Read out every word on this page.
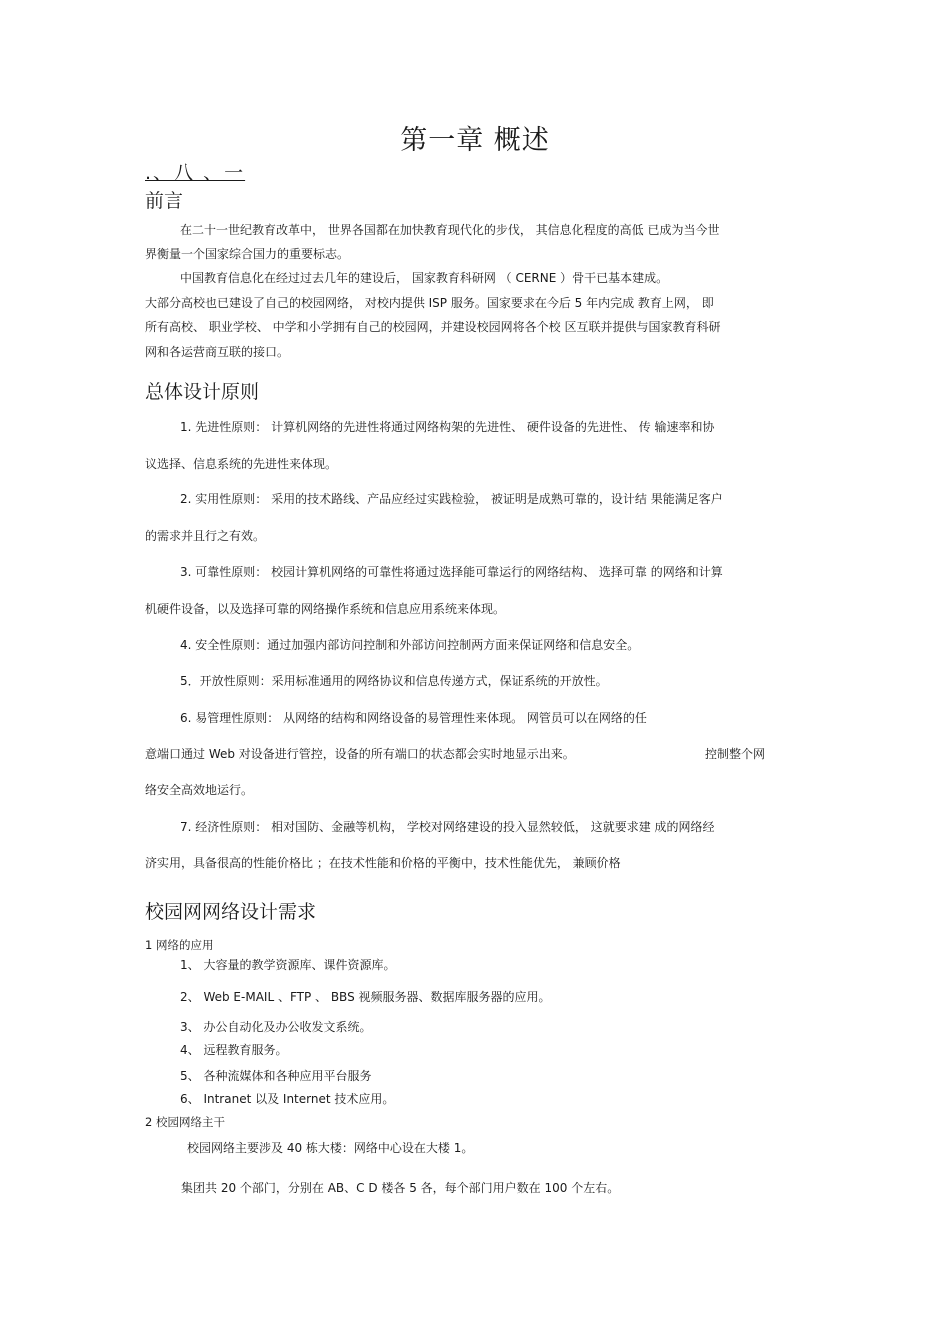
第一章 概述
.、八 、一
前言
在二十一世纪教育改革中， 世界各国都在加快教育现代化的步伐， 其信息化程度的高低 已成为当今世
界衡量一个国家综合国力的重要标志。
中国教育信息化在经过过去几年的建设后， 国家教育科研网 （ CERNE ）骨干已基本建成。
大部分高校也已建设了自己的校园网络， 对校内提供 ISP 服务。国家要求在今后 5 年内完成 教育上网， 即
所有高校、 职业学校、 中学和小学拥有自己的校园网，并建设校园网将各个校 区互联并提供与国家教育科研
网和各运营商互联的接口。
总体设计原则
1. 先进性原则： 计算机网络的先进性将通过网络构架的先进性、 硬件设备的先进性、 传 输速率和协
议选择、信息系统的先进性来体现。
2. 实用性原则： 采用的技术路线、产品应经过实践检验， 被证明是成熟可靠的，设计结 果能满足客户
的需求并且行之有效。
3. 可靠性原则： 校园计算机网络的可靠性将通过选择能可靠运行的网络结构、 选择可靠 的网络和计算
机硬件设备，以及选择可靠的网络操作系统和信息应用系统来体现。
4. 安全性原则：通过加强内部访问控制和外部访问控制两方面来保证网络和信息安全。
5．开放性原则：采用标准通用的网络协议和信息传递方式，保证系统的开放性。
6. 易管理性原则： 从网络的结构和网络设备的易管理性来体现。 网管员可以在网络的任
意端口通过 Web 对设备进行管控，设备的所有端口的状态都会实时地显示出来。	控制整个网
络安全高效地运行。
7. 经济性原则： 相对国防、金融等机构， 学校对网络建设的投入显然较低， 这就要求建 成的网络经
济实用，具备很高的性能价格比 ；在技术性能和价格的平衡中，技术性能优先， 兼顾价格
校园网网络设计需求
1 网络的应用
1、 大容量的教学资源库、课件资源库。
2、 Web E-MAIL 、FTP 、 BBS 视频服务器、数据库服务器的应用。
3、 办公自动化及办公收发文系统。
4、 远程教育服务。
5、 各种流媒体和各种应用平台服务
6、 Intranet 以及 Internet 技术应用。
2 校园网络主干
校园网络主要涉及 40 栋大楼：网络中心设在大楼 1。
集团共 20 个部门，分别在 AB、C D 楼各 5 各，每个部门用户数在 100 个左右。
